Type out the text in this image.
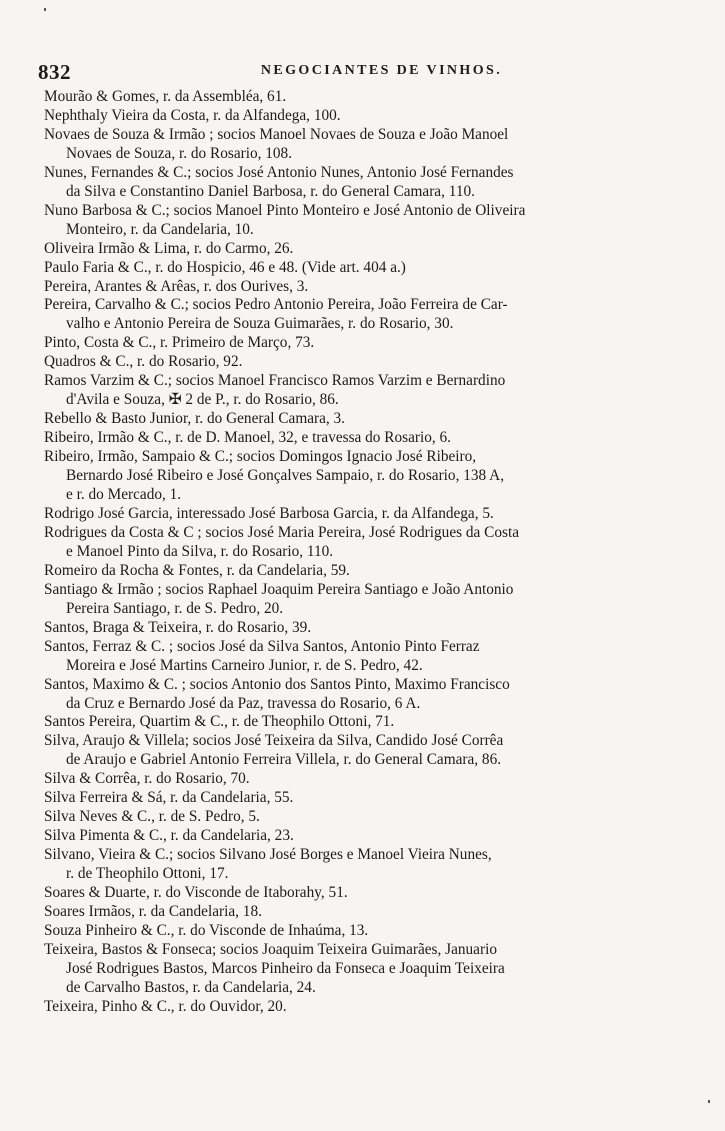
832	NEGOCIANTES DE VINHOS.

Mourão & Gomes, r. da Assembléa, 61.

Nephthaly Vieira da Costa, r. da Alfandega, 100.

Novaes de Souza & Irmão ; socios Manoel Novaes de Souza e João Manoel
Novaes de Souza, r. do Rosario, 108.

Nunes, Fernandes & C.; socios José Antonio Nunes, Antonio José Fernandes
da Silva e Constantino Daniel Barbosa, r. do General Camara, 110.

Nuno Barbosa & C.; socios Manoel Pinto Monteiro e José Antonio de Oliveira
Monteiro, r. da Candelaria, 10.

Oliveira Irmão & Lima, r. do Carmo, 26.

Paulo Faria & C., r. do Hospicio, 46 e 48. (Vide art. 404 a.)

Pereira, Arantes & Arêas, r. dos Ourives, 3.

Pereira, Carvalho & C.; socios Pedro Antonio Pereira, João Ferreira de Car-
valho e Antonio Pereira de Souza Guimarães, r. do Rosario, 30.

Pinto, Costa & C., r. Primeiro de Março, 73.

Quadros & C., r. do Rosario, 92.

Ramos Varzim & C.; socios Manoel Francisco Ramos Varzim e Bernardino
d'Avila e Souza, ✠ 2 de P., r. do Rosario, 86.

Rebello & Basto Junior, r. do General Camara, 3.

Ribeiro, Irmão & C., r. de D. Manoel, 32, e travessa do Rosario, 6.

Ribeiro, Irmão, Sampaio & C.; socios Domingos Ignacio José Ribeiro,
Bernardo José Ribeiro e José Gonçalves Sampaio, r. do Rosario, 138 A,
e r. do Mercado, 1.

Rodrigo José Garcia, interessado José Barbosa Garcia, r. da Alfandega, 5.

Rodrigues da Costa & C ; socios José Maria Pereira, José Rodrigues da Costa
e Manoel Pinto da Silva, r. do Rosario, 110.

Romeiro da Rocha & Fontes, r. da Candelaria, 59.

Santiago & Irmão ; socios Raphael Joaquim Pereira Santiago e João Antonio
Pereira Santiago, r. de S. Pedro, 20.

Santos, Braga & Teixeira, r. do Rosario, 39.

Santos, Ferraz & C. ; socios José da Silva Santos, Antonio Pinto Ferraz
Moreira e José Martins Carneiro Junior, r. de S. Pedro, 42.

Santos, Maximo & C. ; socios Antonio dos Santos Pinto, Maximo Francisco
da Cruz e Bernardo José da Paz, travessa do Rosario, 6 A.

Santos Pereira, Quartim & C., r. de Theophilo Ottoni, 71.

Silva, Araujo & Villela; socios José Teixeira da Silva, Candido José Corrêa
de Araujo e Gabriel Antonio Ferreira Villela, r. do General Camara, 86.

Silva & Corrêa, r. do Rosario, 70.

Silva Ferreira & Sá, r. da Candelaria, 55.

Silva Neves & C., r. de S. Pedro, 5.

Silva Pimenta & C., r. da Candelaria, 23.

Silvano, Vieira & C.; socios Silvano José Borges e Manoel Vieira Nunes,
r. de Theophilo Ottoni, 17.

Soares & Duarte, r. do Visconde de Itaborahy, 51.

Soares Irmãos, r. da Candelaria, 18.

Souza Pinheiro & C., r. do Visconde de Inhaúma, 13.

Teixeira, Bastos & Fonseca; socios Joaquim Teixeira Guimarães, Januario
José Rodrigues Bastos, Marcos Pinheiro da Fonseca e Joaquim Teixeira
de Carvalho Bastos, r. da Candelaria, 24.

Teixeira, Pinho & C., r. do Ouvidor, 20.
